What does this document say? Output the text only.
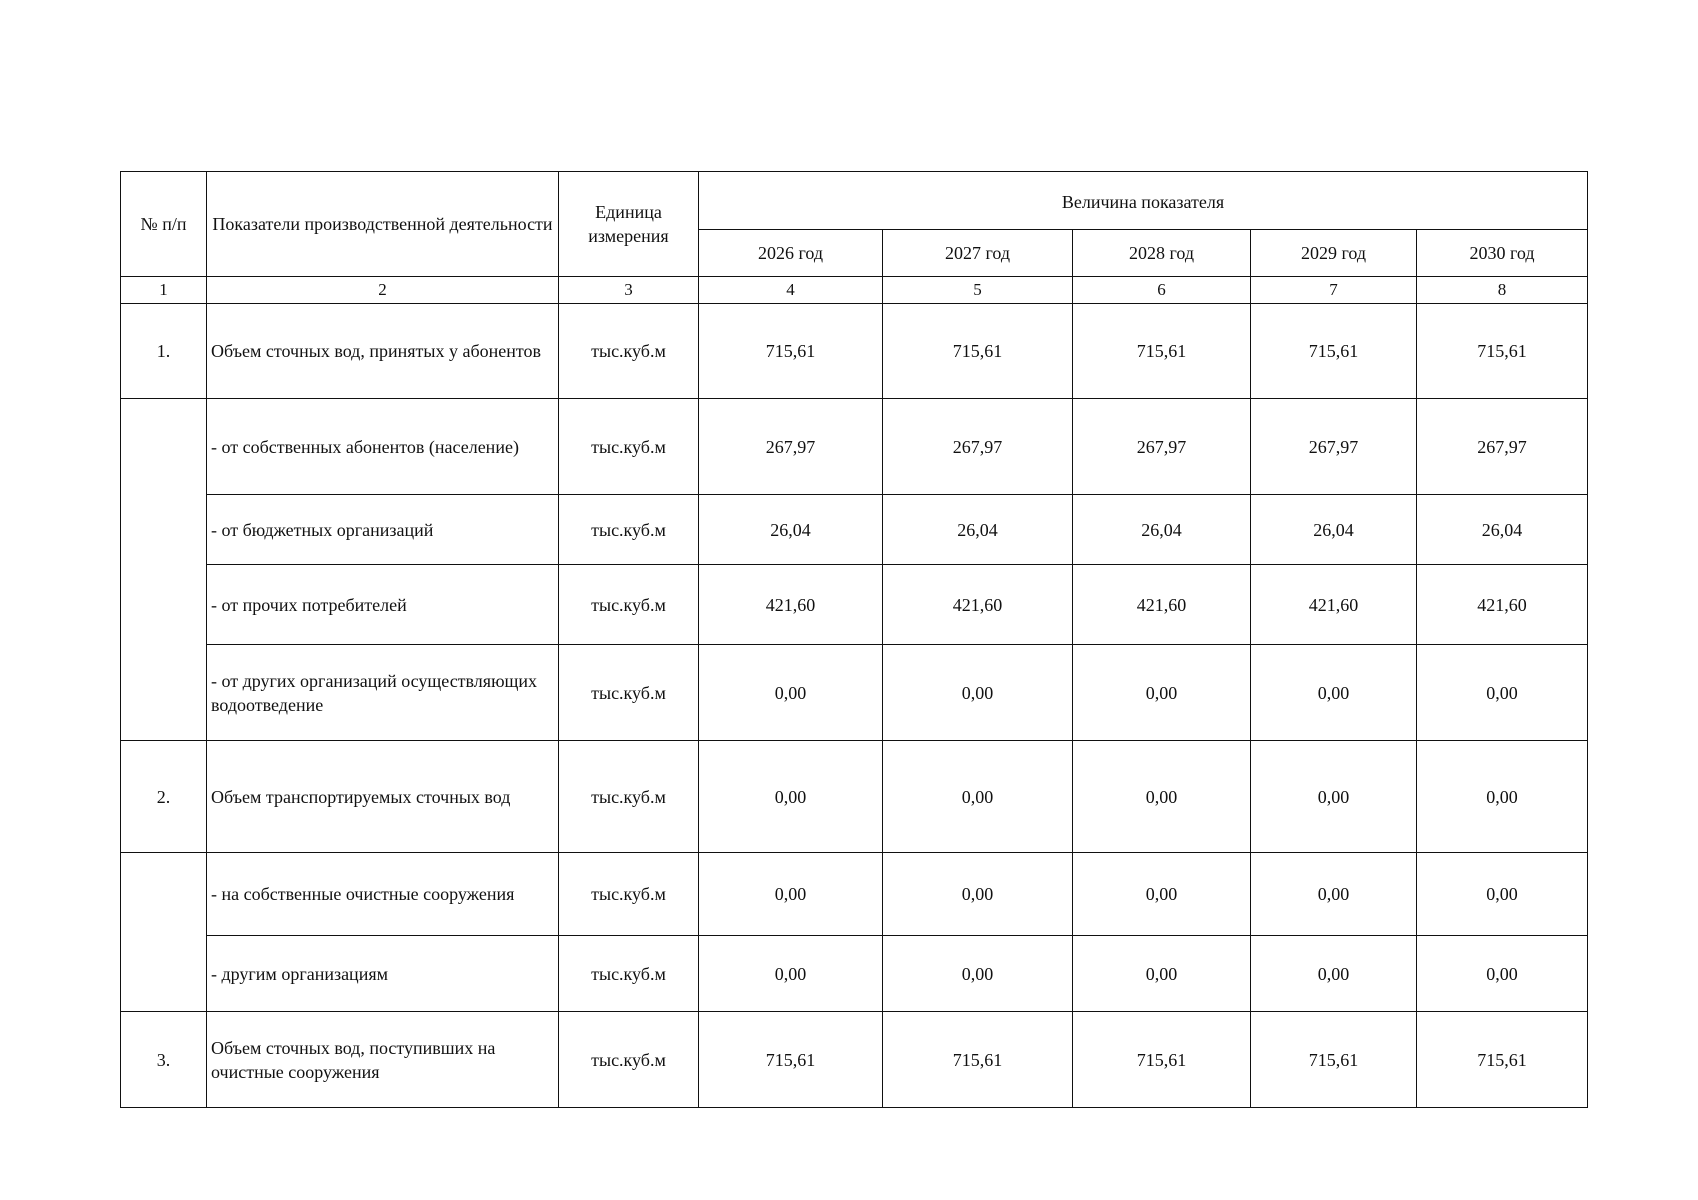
№ п/п	Показатели производственной деятельности	Единица измерения	Величина показателя				
			2026 год	2027 год	2028 год	2029 год	2030 год
1	2	3	4	5	6	7	8
1.	Объем сточных вод, принятых у абонентов	тыс.куб.м	715,61	715,61	715,61	715,61	715,61
	- от собственных абонентов (население)	тыс.куб.м	267,97	267,97	267,97	267,97	267,97
	- от бюджетных организаций	тыс.куб.м	26,04	26,04	26,04	26,04	26,04
	- от прочих потребителей	тыс.куб.м	421,60	421,60	421,60	421,60	421,60
	- от других организаций осуществляющих водоотведение	тыс.куб.м	0,00	0,00	0,00	0,00	0,00
2.	Объем транспортируемых сточных вод	тыс.куб.м	0,00	0,00	0,00	0,00	0,00
	- на собственные очистные сооружения	тыс.куб.м	0,00	0,00	0,00	0,00	0,00
	- другим организациям	тыс.куб.м	0,00	0,00	0,00	0,00	0,00
3.	Объем сточных вод, поступивших на очистные сооружения	тыс.куб.м	715,61	715,61	715,61	715,61	715,61
